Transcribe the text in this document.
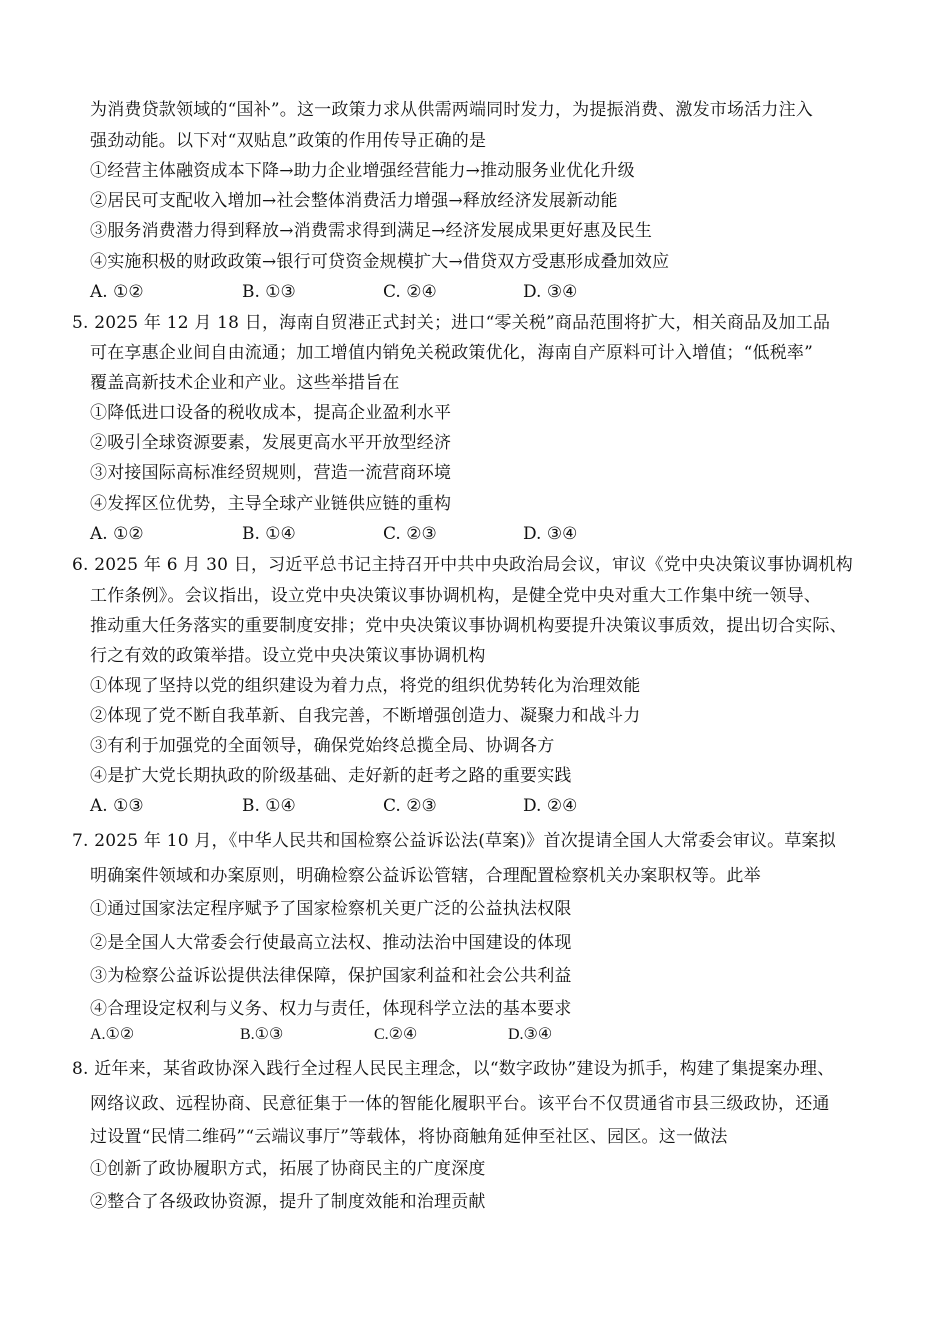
为消费贷款领域的“国补”。这一政策力求从供需两端同时发力，为提振消费、激发市场活力注入
强劲动能。以下对“双贴息”政策的作用传导正确的是
①经营主体融资成本下降→助力企业增强经营能力→推动服务业优化升级
②居民可支配收入增加→社会整体消费活力增强→释放经济发展新动能
③服务消费潜力得到释放→消费需求得到满足→经济发展成果更好惠及民生
④实施积极的财政政策→银行可贷资金规模扩大→借贷双方受惠形成叠加效应
A. ①②	B. ①③	C. ②④	D. ③④
5. 2025 年 12 月 18 日，海南自贸港正式封关；进口“零关税”商品范围将扩大，相关商品及加工品
可在享惠企业间自由流通；加工增值内销免关税政策优化，海南自产原料可计入增值；“低税率”
覆盖高新技术企业和产业。这些举措旨在
①降低进口设备的税收成本，提高企业盈利水平
②吸引全球资源要素，发展更高水平开放型经济
③对接国际高标准经贸规则，营造一流营商环境
④发挥区位优势，主导全球产业链供应链的重构
A. ①②	B. ①④	C. ②③	D. ③④
6. 2025 年 6 月 30 日，习近平总书记主持召开中共中央政治局会议，审议《党中央决策议事协调机构
工作条例》。会议指出，设立党中央决策议事协调机构，是健全党中央对重大工作集中统一领导、
推动重大任务落实的重要制度安排；党中央决策议事协调机构要提升决策议事质效，提出切合实际、
行之有效的政策举措。设立党中央决策议事协调机构
①体现了坚持以党的组织建设为着力点，将党的组织优势转化为治理效能
②体现了党不断自我革新、自我完善，不断增强创造力、凝聚力和战斗力
③有利于加强党的全面领导，确保党始终总揽全局、协调各方
④是扩大党长期执政的阶级基础、走好新的赶考之路的重要实践
A. ①③	B. ①④	C. ②③	D. ②④
7. 2025 年 10 月，《中华人民共和国检察公益诉讼法(草案)》首次提请全国人大常委会审议。草案拟
明确案件领域和办案原则，明确检察公益诉讼管辖，合理配置检察机关办案职权等。此举
①通过国家法定程序赋予了国家检察机关更广泛的公益执法权限
②是全国人大常委会行使最高立法权、推动法治中国建设的体现
③为检察公益诉讼提供法律保障，保护国家利益和社会公共利益
④合理设定权利与义务、权力与责任，体现科学立法的基本要求
A.①②	B.①③	C.②④	D.③④
8. 近年来，某省政协深入践行全过程人民民主理念，以“数字政协”建设为抓手，构建了集提案办理、
网络议政、远程协商、民意征集于一体的智能化履职平台。该平台不仅贯通省市县三级政协，还通
过设置“民情二维码”“云端议事厅”等载体，将协商触角延伸至社区、园区。这一做法
①创新了政协履职方式，拓展了协商民主的广度深度
②整合了各级政协资源，提升了制度效能和治理贡献
